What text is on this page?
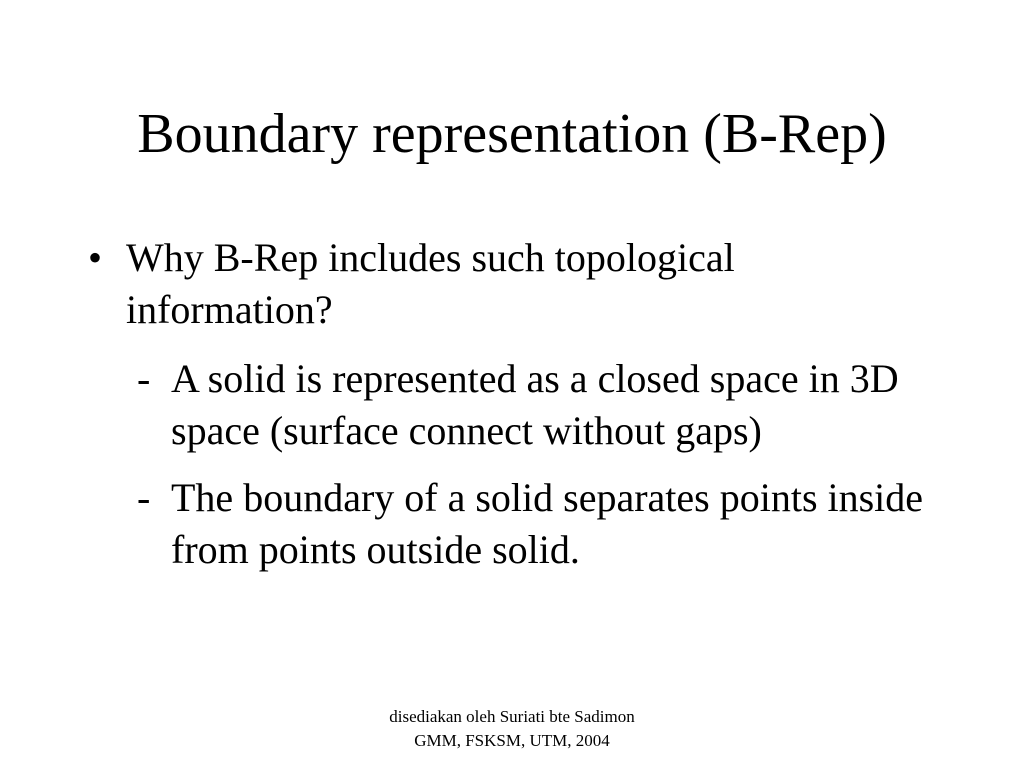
Boundary representation (B-Rep)
• Why B-Rep includes such topological information?
- A solid is represented as a closed space in 3D space (surface connect without gaps)
- The boundary of a solid separates points inside from points outside solid.
disediakan oleh Suriati bte Sadimon
GMM, FSKSM, UTM, 2004
